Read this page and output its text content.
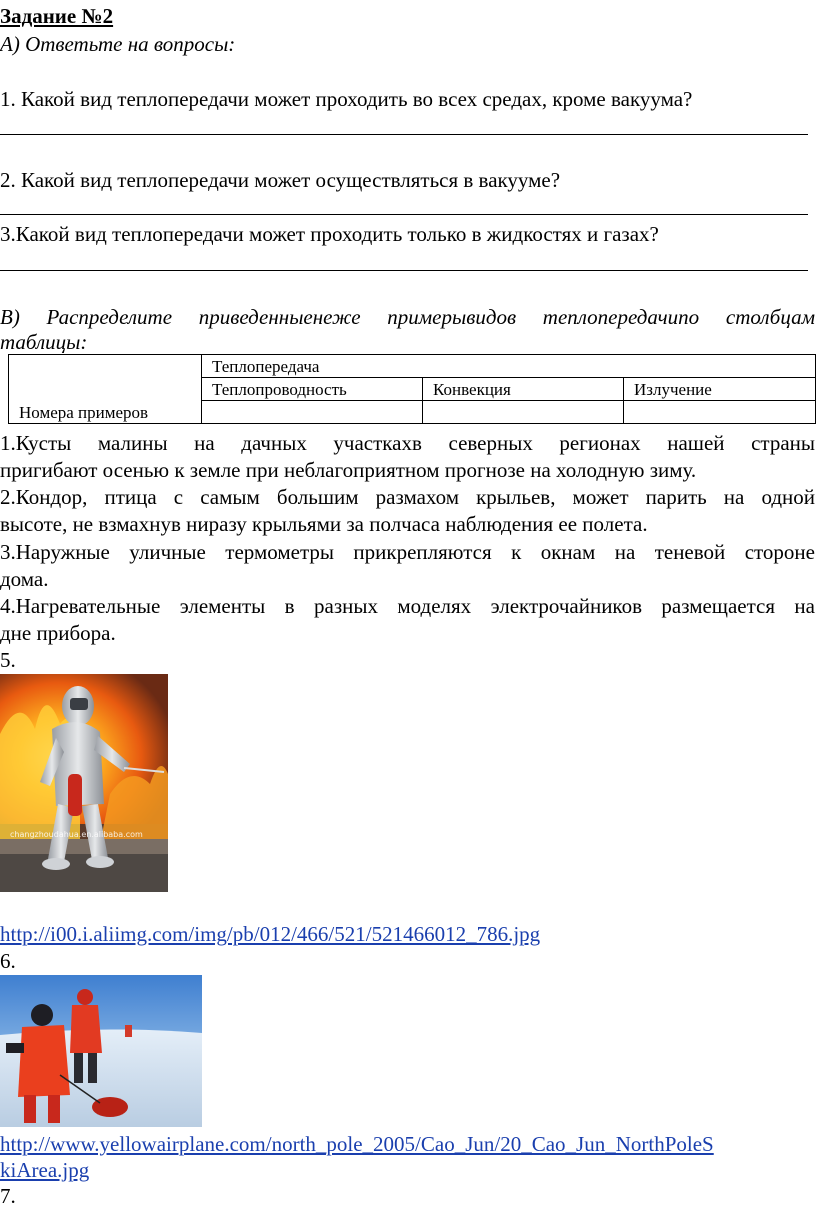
Задание №2
А) Ответьте на вопросы:
1. Какой вид теплопередачи может проходить во всех средах, кроме вакуума?
2. Какой вид теплопередачи может осуществляться в вакууме?
3.Какой вид теплопередачи может проходить только в жидкостях и газах?
В) Распределите приведенныенеже примерывидов теплопередачипо столбцам
таблицы:
Номера примеров	Теплопередача		
	Теплопроводность	Конвекция	Излучение

1.Кусты малины на дачных участкахв северных регионах нашей страны
пригибают осенью к земле при неблагоприятном прогнозе на холодную зиму.
2.Кондор, птица с самым большим размахом крыльев, может парить на одной
высоте, не взмахнув ниразу крыльями за полчаса наблюдения ее полета.
3.Наружные уличные термометры прикрепляются к окнам на теневой стороне
дома.
4.Нагревательные элементы в разных моделях электрочайников размещается на
дне прибора.
5.
changzhoudahua.en.alibaba.com
http://i00.i.aliimg.com/img/pb/012/466/521/521466012_786.jpg
6.
http://www.yellowairplane.com/north_pole_2005/Cao_Jun/20_Cao_Jun_NorthPoleS
kiArea.jpg
7.
